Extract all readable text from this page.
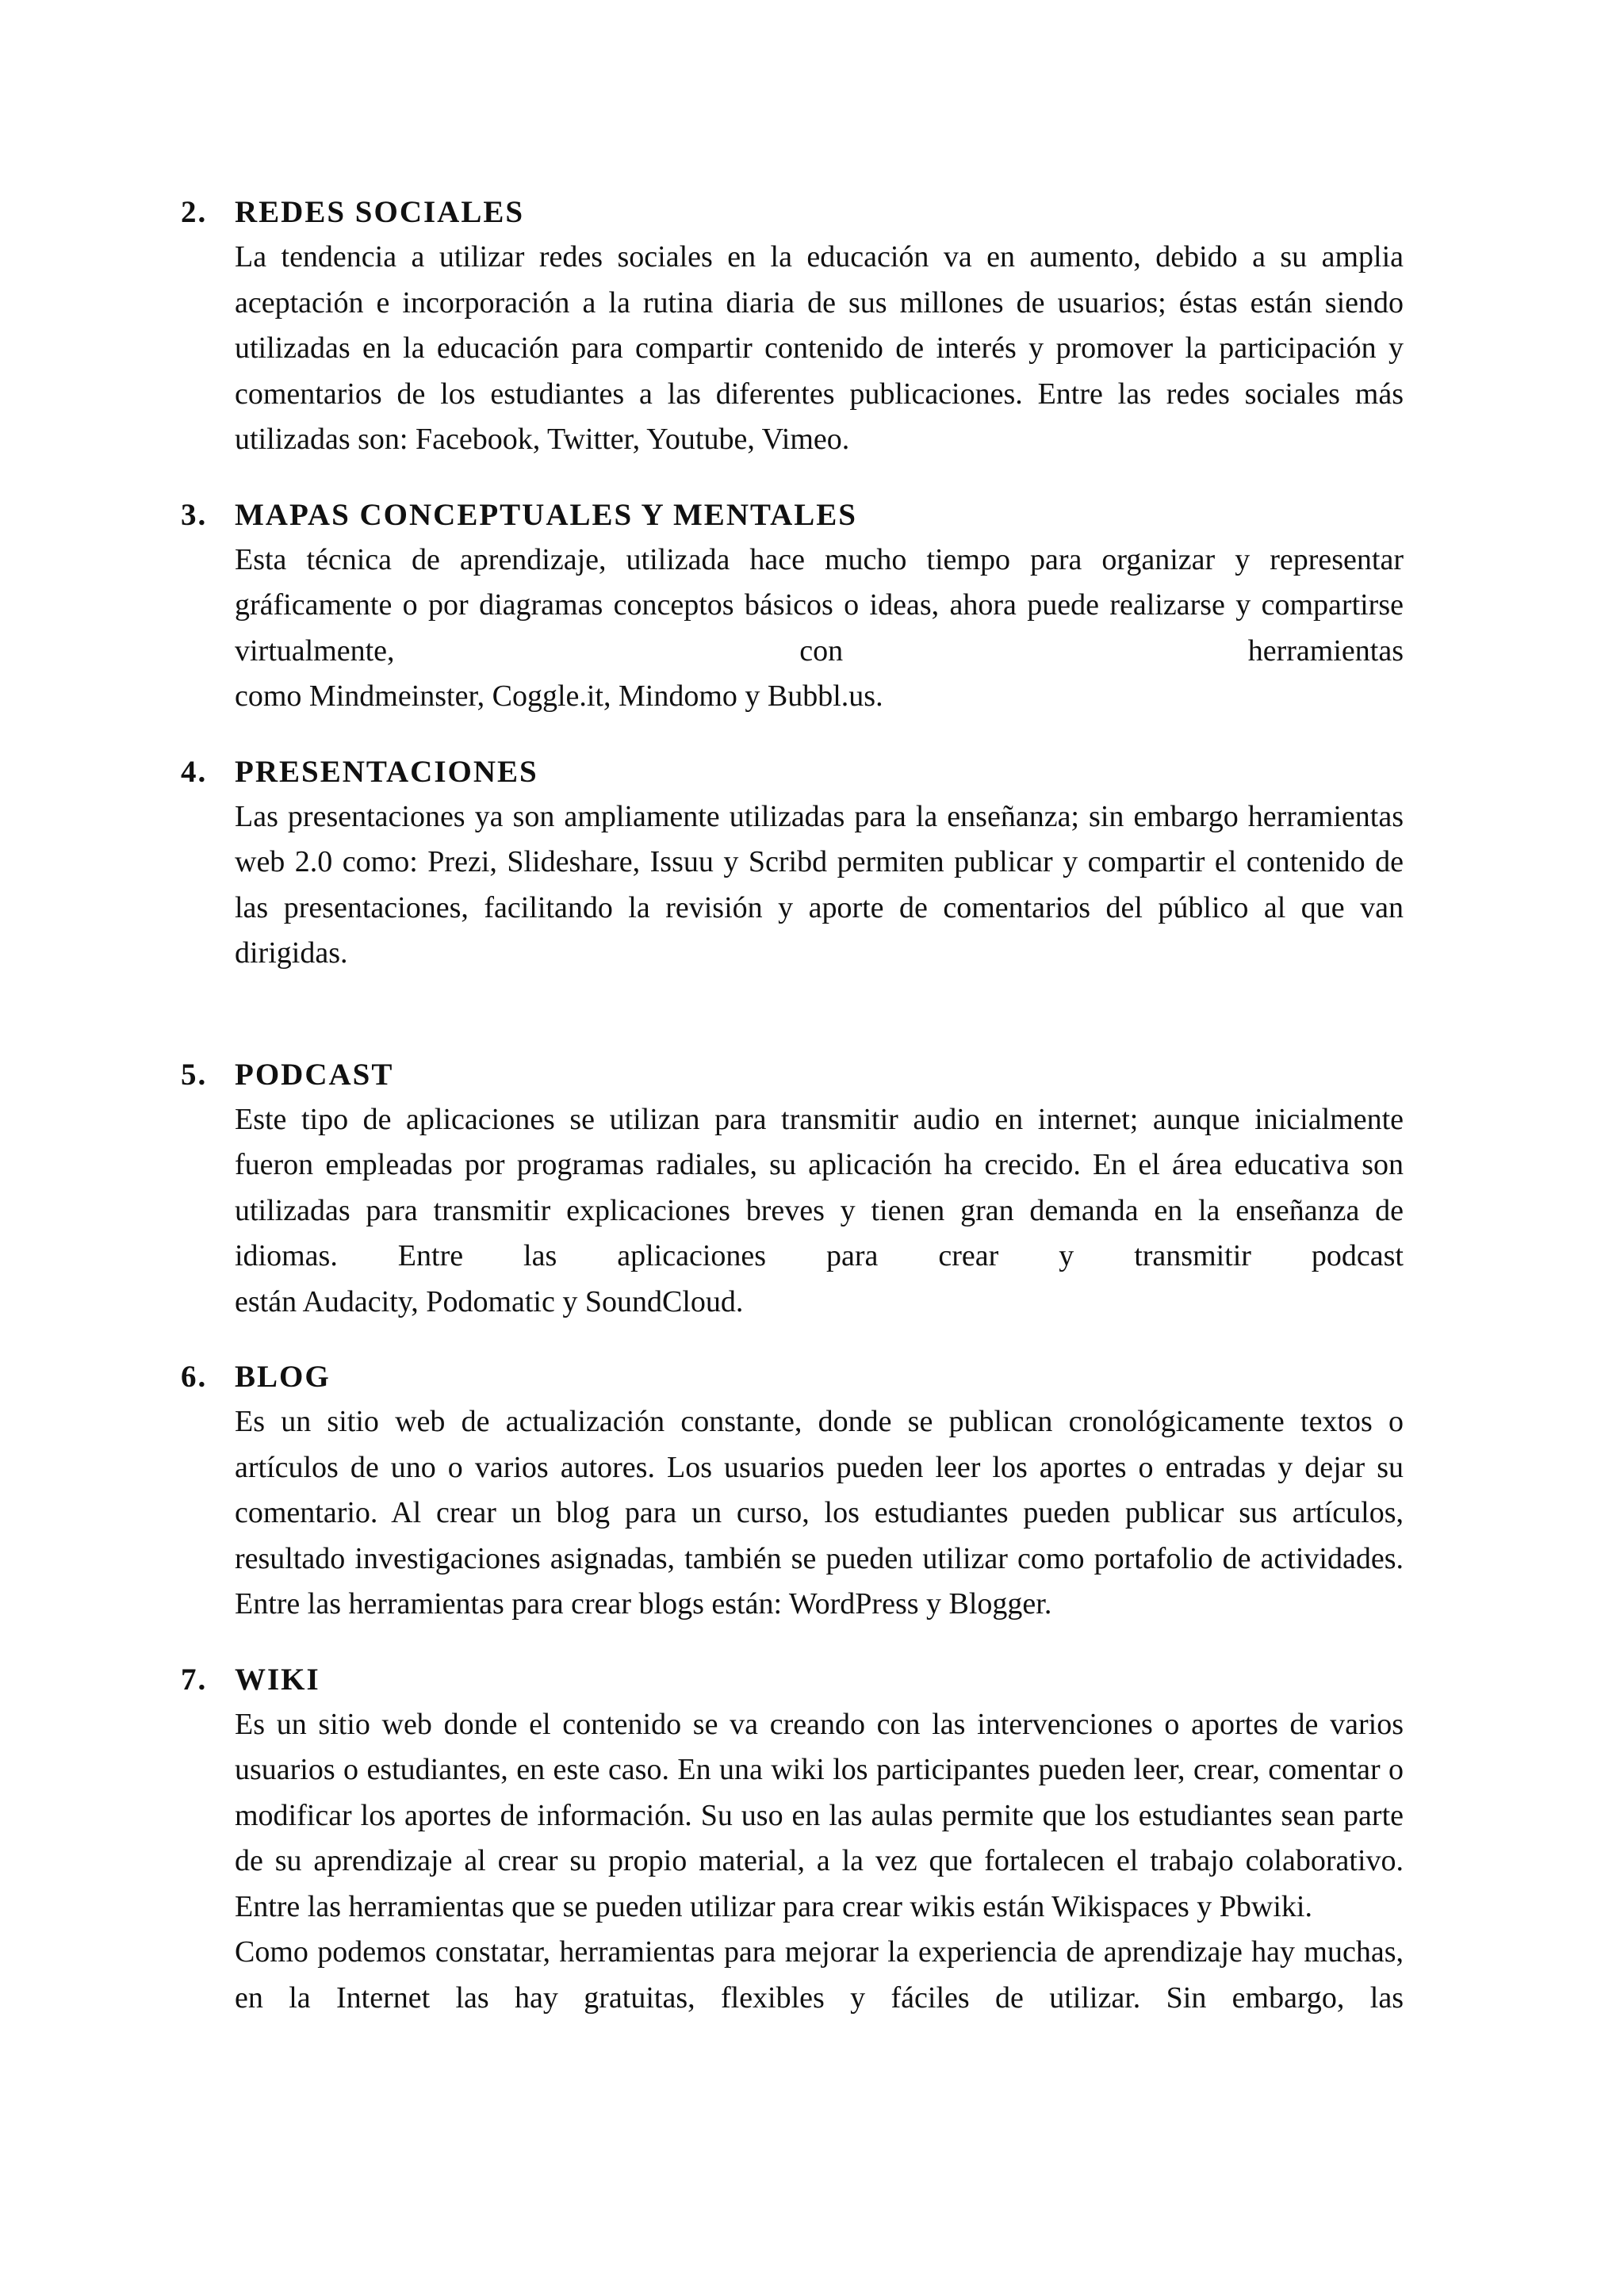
2. REDES SOCIALES

La tendencia a utilizar redes sociales en la educación va en aumento, debido a su amplia aceptación e incorporación a la rutina diaria de sus millones de usuarios; éstas están siendo utilizadas en la educación para compartir contenido de interés y promover la participación y comentarios de los estudiantes a las diferentes publicaciones. Entre las redes sociales más utilizadas son: Facebook, Twitter, Youtube, Vimeo.

3. MAPAS CONCEPTUALES Y MENTALES

Esta técnica de aprendizaje, utilizada hace mucho tiempo para organizar y representar gráficamente o por diagramas conceptos básicos o ideas, ahora puede realizarse y compartirse virtualmente, con herramientas

como Mindmeinster, Coggle.it, Mindomo y Bubbl.us.

4. PRESENTACIONES

Las presentaciones ya son ampliamente utilizadas para la enseñanza; sin embargo herramientas web 2.0 como: Prezi, Slideshare, Issuu y Scribd permiten publicar y compartir el contenido de las presentaciones, facilitando la revisión y aporte de comentarios del público al que van dirigidas.

5. PODCAST

Este tipo de aplicaciones se utilizan para transmitir audio en internet; aunque inicialmente fueron empleadas por programas radiales, su aplicación ha crecido. En el área educativa son utilizadas para transmitir explicaciones breves y tienen gran demanda en la enseñanza de idiomas. Entre las aplicaciones para crear y transmitir podcast

están Audacity, Podomatic y SoundCloud.

6. BLOG

Es un sitio web de actualización constante, donde se publican cronológicamente textos o artículos de uno o varios autores. Los usuarios pueden leer los aportes o entradas y dejar su comentario. Al crear un blog para un curso, los estudiantes pueden publicar sus artículos, resultado investigaciones asignadas, también se pueden utilizar como portafolio de actividades. Entre las herramientas para crear blogs están: WordPress y Blogger.

7. WIKI

Es un sitio web donde el contenido se va creando con las intervenciones o aportes de varios usuarios o estudiantes, en este caso. En una wiki los participantes pueden leer, crear, comentar o modificar los aportes de información. Su uso en las aulas permite que los estudiantes sean parte de su aprendizaje al crear su propio material, a la vez que fortalecen el trabajo colaborativo. Entre las herramientas que se pueden utilizar para crear wikis están Wikispaces y Pbwiki.

Como podemos constatar, herramientas para mejorar la experiencia de aprendizaje hay muchas, en la Internet las hay gratuitas, flexibles y fáciles de utilizar. Sin embargo, las
